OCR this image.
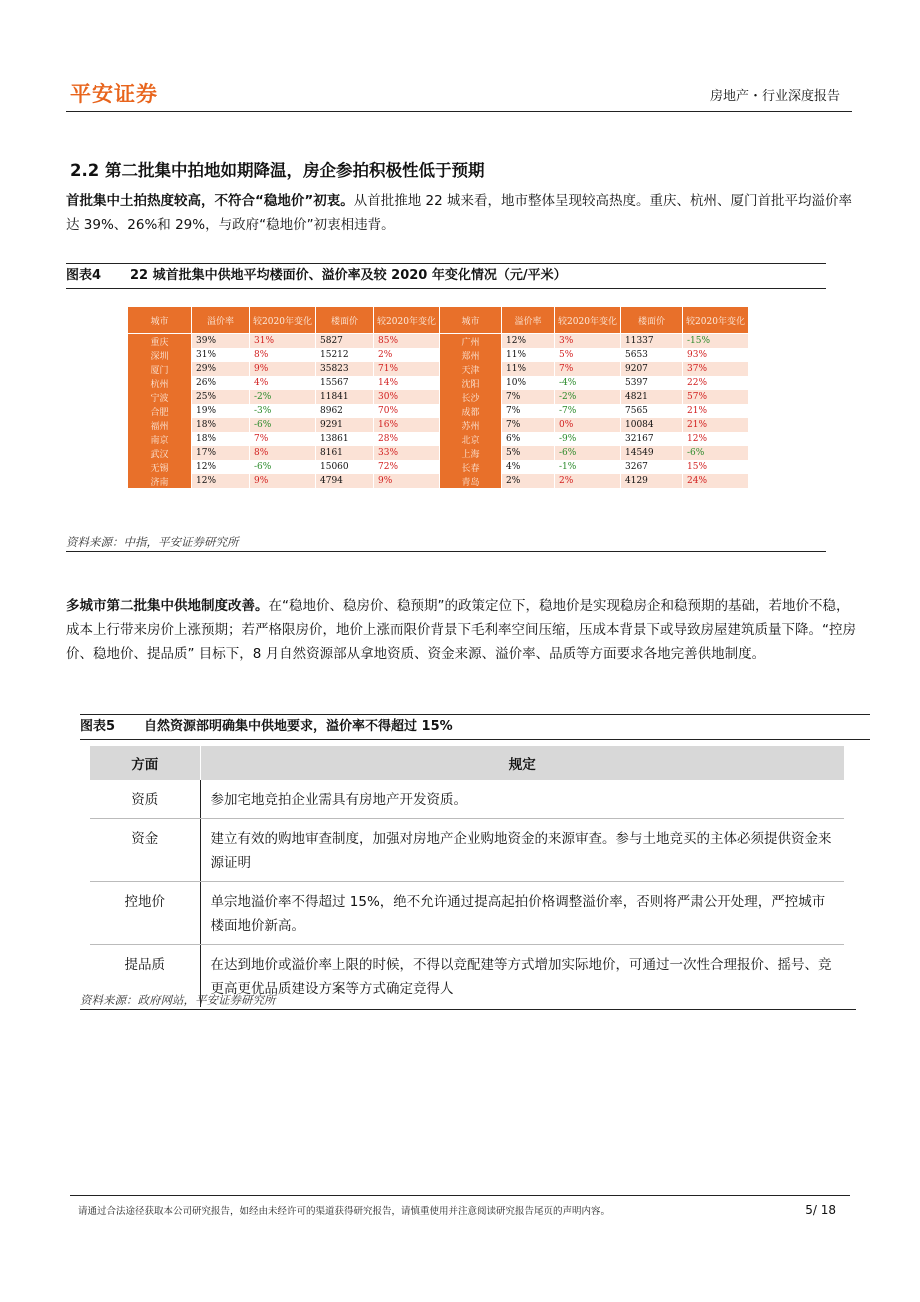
平安证券	房地产・行业深度报告
2.2 第二批集中拍地如期降温，房企参拍积极性低于预期

首批集中土拍热度较高，不符合“稳地价”初衷。从首批推地 22 城来看，地市整体呈现较高热度。重庆、杭州、厦门首批平均溢价率达 39%、26%和 29%，与政府“稳地价”初衷相违背。

图表4 22 城首批集中供地平均楼面价、溢价率及较 2020 年变化情况（元/平米）
城市	溢价率	较2020年变化	楼面价	较2020年变化	城市	溢价率	较2020年变化	楼面价	较2020年变化
重庆	39%	31%	5827	85%	广州	12%	3%	11337	-15%
深圳	31%	8%	15212	2%	郑州	11%	5%	5653	93%
厦门	29%	9%	35823	71%	天津	11%	7%	9207	37%
杭州	26%	4%	15567	14%	沈阳	10%	-4%	5397	22%
宁波	25%	-2%	11841	30%	长沙	7%	-2%	4821	57%
合肥	19%	-3%	8962	70%	成都	7%	-7%	7565	21%
福州	18%	-6%	9291	16%	苏州	7%	0%	10084	21%
南京	18%	7%	13861	28%	北京	6%	-9%	32167	12%
武汉	17%	8%	8161	33%	上海	5%	-6%	14549	-6%
无锡	12%	-6%	15060	72%	长春	4%	-1%	3267	15%
济南	12%	9%	4794	9%	青岛	2%	2%	4129	24%
资料来源：中指，平安证券研究所

多城市第二批集中供地制度改善。在“稳地价、稳房价、稳预期”的政策定位下，稳地价是实现稳房企和稳预期的基础，若地价不稳，成本上行带来房价上涨预期；若严格限房价，地价上涨而限价背景下毛利率空间压缩，压成本背景下或导致房屋建筑质量下降。“控房价、稳地价、提品质” 目标下，8 月自然资源部从拿地资质、资金来源、溢价率、品质等方面要求各地完善供地制度。

图表5 自然资源部明确集中供地要求，溢价率不得超过 15%
方面	规定
资质	参加宅地竞拍企业需具有房地产开发资质。
资金	建立有效的购地审查制度，加强对房地产企业购地资金的来源审查。参与土地竞买的主体必须提供资金来源证明
控地价	单宗地溢价率不得超过 15%，绝不允许通过提高起拍价格调整溢价率，否则将严肃公开处理，严控城市楼面地价新高。
提品质	在达到地价或溢价率上限的时候，不得以竞配建等方式增加实际地价，可通过一次性合理报价、摇号、竞更高更优品质建设方案等方式确定竞得人
资料来源：政府网站，平安证券研究所
请通过合法途径获取本公司研究报告，如经由未经许可的渠道获得研究报告，请慎重使用并注意阅读研究报告尾页的声明内容。	5/ 18
